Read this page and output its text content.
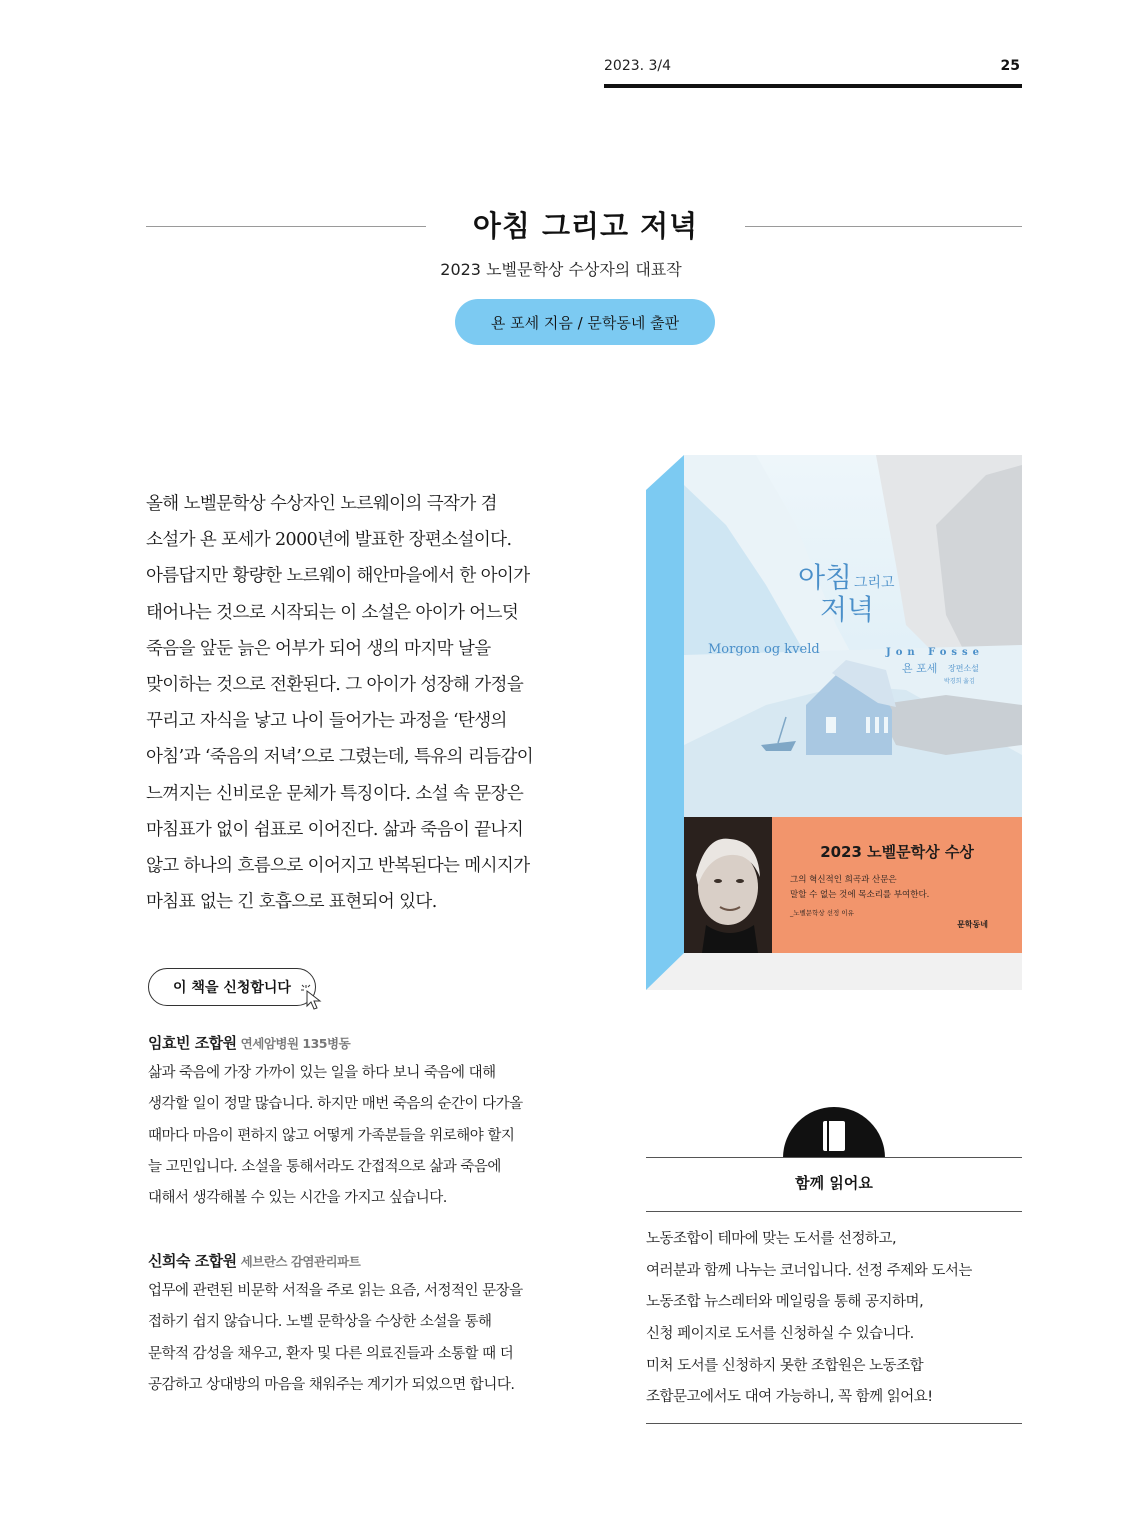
2023. 3/4	25
아침 그리고 저녁
2023 노벨문학상 수상자의 대표작
욘 포세 지음 / 문학동네 출판
올해 노벨문학상 수상자인 노르웨이의 극작가 겸
소설가 욘 포세가 2000년에 발표한 장편소설이다.
아름답지만 황량한 노르웨이 해안마을에서 한 아이가
태어나는 것으로 시작되는 이 소설은 아이가 어느덧
죽음을 앞둔 늙은 어부가 되어 생의 마지막 날을
맞이하는 것으로 전환된다. 그 아이가 성장해 가정을
꾸리고 자식을 낳고 나이 들어가는 과정을 ‘탄생의
아침’과 ‘죽음의 저녁’으로 그렸는데, 특유의 리듬감이
느껴지는 신비로운 문체가 특징이다. 소설 속 문장은
마침표가 없이 쉼표로 이어진다. 삶과 죽음이 끝나지
않고 하나의 흐름으로 이어지고 반복된다는 메시지가
마침표 없는 긴 호흡으로 표현되어 있다.
이 책을 신청합니다
임효빈 조합원 연세암병원 135병동
삶과 죽음에 가장 가까이 있는 일을 하다 보니 죽음에 대해
생각할 일이 정말 많습니다. 하지만 매번 죽음의 순간이 다가올
때마다 마음이 편하지 않고 어떻게 가족분들을 위로해야 할지
늘 고민입니다. 소설을 통해서라도 간접적으로 삶과 죽음에
대해서 생각해볼 수 있는 시간을 가지고 싶습니다.
신희숙 조합원 세브란스 감염관리파트
업무에 관련된 비문학 서적을 주로 읽는 요즘, 서정적인 문장을
접하기 쉽지 않습니다. 노벨 문학상을 수상한 소설을 통해
문학적 감성을 채우고, 환자 및 다른 의료진들과 소통할 때 더
공감하고 상대방의 마음을 채워주는 계기가 되었으면 합니다.
아침 그리고
저녁
Morgon og kveld	Jon Fosse
욘 포세 장편소설
박경희 옮김
2023 노벨문학상 수상
그의 혁신적인 희곡과 산문은
말할 수 없는 것에 목소리를 부여한다.
_노벨문학상 선정 이유
문학동네
함께 읽어요
노동조합이 테마에 맞는 도서를 선정하고,
여러분과 함께 나누는 코너입니다. 선정 주제와 도서는
노동조합 뉴스레터와 메일링을 통해 공지하며,
신청 페이지로 도서를 신청하실 수 있습니다.
미처 도서를 신청하지 못한 조합원은 노동조합
조합문고에서도 대여 가능하니, 꼭 함께 읽어요!
